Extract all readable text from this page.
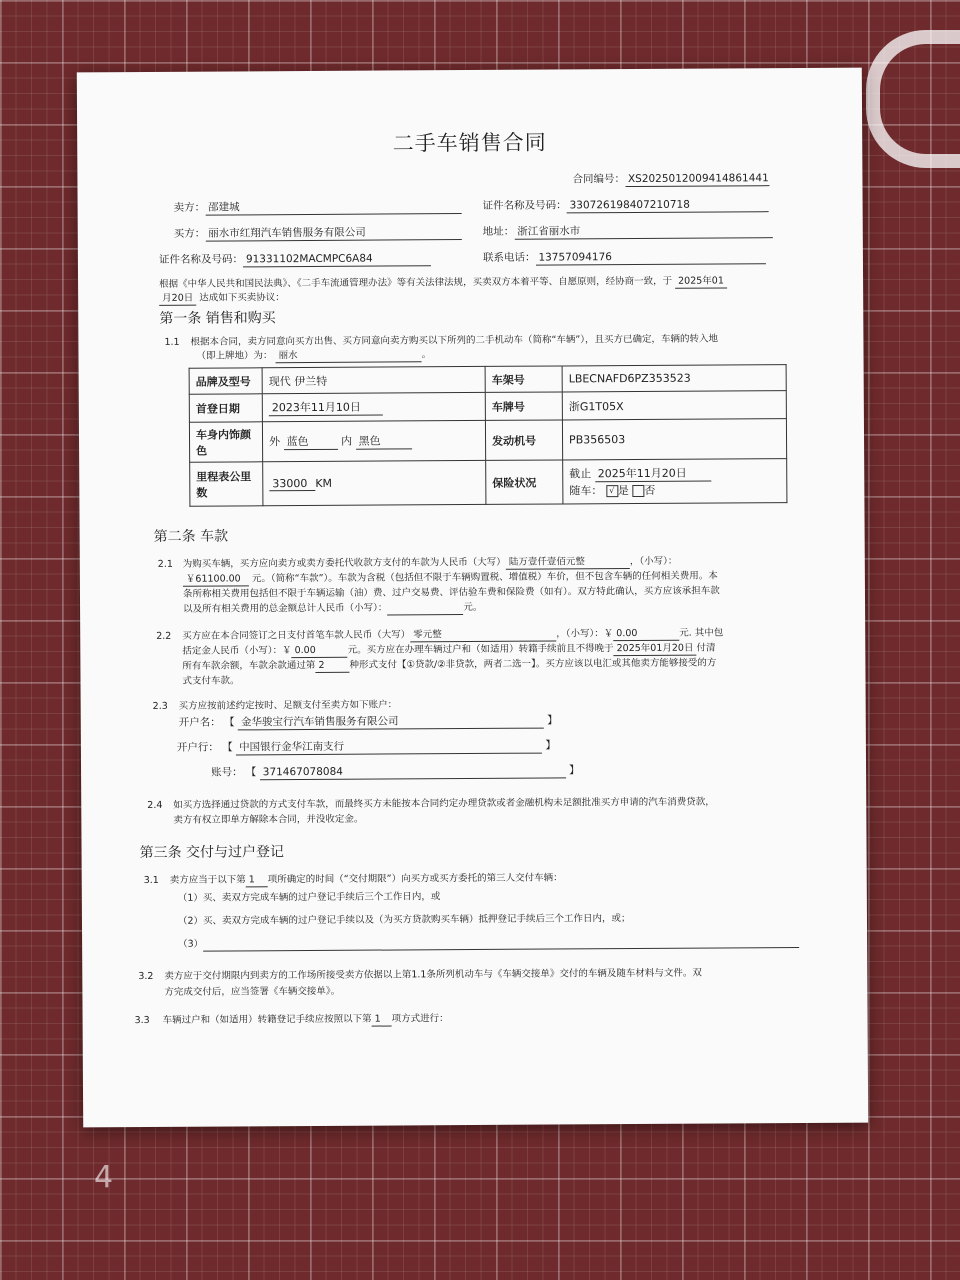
4
二手车销售合同
合同编号： XS2025012009414861441
卖方： 邵建城	证件名称及号码： 330726198407210718
买方： 丽水市红翔汽车销售服务有限公司	地址： 浙江省丽水市
证件名称及号码： 91331102MACMPC6A84	联系电话： 13757094176
根据《中华人民共和国民法典》、《二手车流通管理办法》等有关法律法规，买卖双方本着平等、自愿原则，经协商一致，于 2025年01
月20日 达成如下买卖协议：
第一条 销售和购买
1.1 根据本合同，卖方同意向买方出售、买方同意向卖方购买以下所列的二手机动车（简称“车辆”），且买方已确定，车辆的转入地
（即上牌地）为： 丽水	。
品牌及型号	现代 伊兰特	车架号	LBECNAFD6PZ353523
首登日期	2023年11月10日	车牌号	浙G1T05X
车身内饰颜色	外 蓝色 内 黑色	发动机号	PB356503
里程表公里数	33000 KM	保险状况	截止 2025年11月20日
随车： √ 是 否
第二条 车款
2.1 为购买车辆，买方应向卖方或卖方委托代收款方支付的车款为人民币（大写） 陆万壹仟壹佰元整	，（小写）：
￥61100.00 元。（简称“车款”）。车款为含税（包括但不限于车辆购置税、增值税）车价，但不包含车辆的任何相关费用。本
条所称相关费用包括但不限于车辆运输（油）费、过户交易费、评估验车费和保险费（如有）。双方特此确认，买方应该承担车款
以及所有相关费用的总金额总计人民币（小写）：	元。
2.2 买方应在本合同签订之日支付首笔车款人民币（大写） 零元整	，（小写）：￥ 0.00	元. 其中包
括定金人民币（小写）：￥ 0.00	元。买方应在办理车辆过户和（如适用）转籍手续前且不得晚于 2025年01月20日 付清
所有车款余额，车款余款通过第 2	种形式支付【①贷款/②非贷款，两者二选一】。买方应该以电汇或其他卖方能够接受的方
式支付车款。
2.3 买方应按前述约定按时、足额支付至卖方如下账户：
开户名： 【 金华骏宝行汽车销售服务有限公司	】
开户行： 【 中国银行金华江南支行	】
账号： 【 371467078084	】
2.4 如买方选择通过贷款的方式支付车款，而最终买方未能按本合同约定办理贷款或者金融机构未足额批准买方申请的汽车消费贷款，
卖方有权立即单方解除本合同，并没收定金。
第三条 交付与过户登记
3.1 卖方应当于以下第 1 项所确定的时间（“交付期限”）向买方或买方委托的第三人交付车辆：
（1）买、卖双方完成车辆的过户登记手续后三个工作日内，或
（2）买、卖双方完成车辆的过户登记手续以及（为买方贷款购买车辆）抵押登记手续后三个工作日内，或；
（3）
3.2 卖方应于交付期限内到卖方的工作场所接受卖方依据以上第1.1条所列机动车与《车辆交接单》交付的车辆及随车材料与文件。双
方完成交付后，应当签署《车辆交接单》。
3.3 车辆过户和（如适用）转籍登记手续应按照以下第 1 项方式进行：
